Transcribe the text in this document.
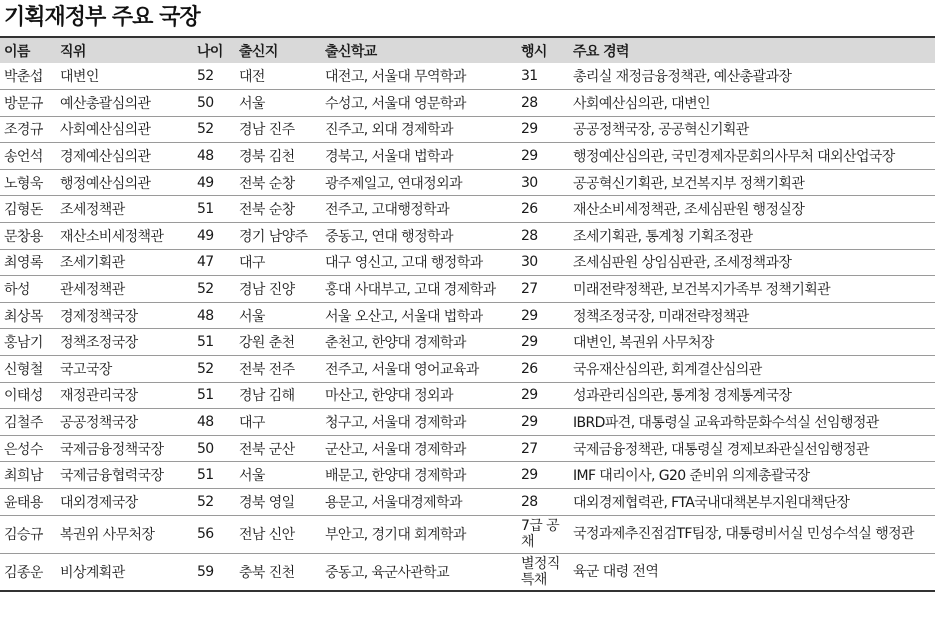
기획재정부 주요 국장
이름	직위	나이	출신지	출신학교	행시	주요 경력
박춘섭	대변인	52	대전	대전고, 서울대 무역학과	31	총리실 재정금융정책관, 예산총괄과장
방문규	예산총괄심의관	50	서울	수성고, 서울대 영문학과	28	사회예산심의관, 대변인
조경규	사회예산심의관	52	경남 진주	진주고, 외대 경제학과	29	공공정책국장, 공공혁신기획관
송언석	경제예산심의관	48	경북 김천	경북고, 서울대 법학과	29	행정예산심의관, 국민경제자문회의사무처 대외산업국장
노형욱	행정예산심의관	49	전북 순창	광주제일고, 연대정외과	30	공공혁신기획관, 보건복지부 정책기획관
김형돈	조세정책관	51	전북 순창	전주고, 고대행정학과	26	재산소비세정책관, 조세심판원 행정실장
문창용	재산소비세정책관	49	경기 남양주	중동고, 연대 행정학과	28	조세기획관, 통계청 기획조정관
최영록	조세기획관	47	대구	대구 영신고, 고대 행정학과	30	조세심판원 상임심판관, 조세정책과장
하성	관세정책관	52	경남 진양	홍대 사대부고, 고대 경제학과	27	미래전략정책관, 보건복지가족부 정책기획관
최상목	경제정책국장	48	서울	서울 오산고, 서울대 법학과	29	정책조정국장, 미래전략정책관
홍남기	정책조정국장	51	강원 춘천	춘천고, 한양대 경제학과	29	대변인, 복권위 사무처장
신형철	국고국장	52	전북 전주	전주고, 서울대 영어교육과	26	국유재산심의관, 회계결산심의관
이태성	재정관리국장	51	경남 김해	마산고, 한양대 정외과	29	성과관리심의관, 통계청 경제통계국장
김철주	공공정책국장	48	대구	청구고, 서울대 경제학과	29	IBRD파견, 대통령실 교육과학문화수석실 선임행정관
은성수	국제금융정책국장	50	전북 군산	군산고, 서울대 경제학과	27	국제금융정책관, 대통령실 경제보좌관실선임행정관
최희남	국제금융협력국장	51	서울	배문고, 한양대 경제학과	29	IMF 대리이사, G20 준비위 의제총괄국장
윤태용	대외경제국장	52	경북 영일	용문고, 서울대경제학과	28	대외경제협력관, FTA국내대책본부지원대책단장
김승규	복권위 사무처장	56	전남 신안	부안고, 경기대 회계학과	7급 공채	국정과제추진점검TF팀장, 대통령비서실 민성수석실 행정관
김종운	비상계획관	59	충북 진천	중동고, 육군사관학교	별정직 특채	육군 대령 전역
